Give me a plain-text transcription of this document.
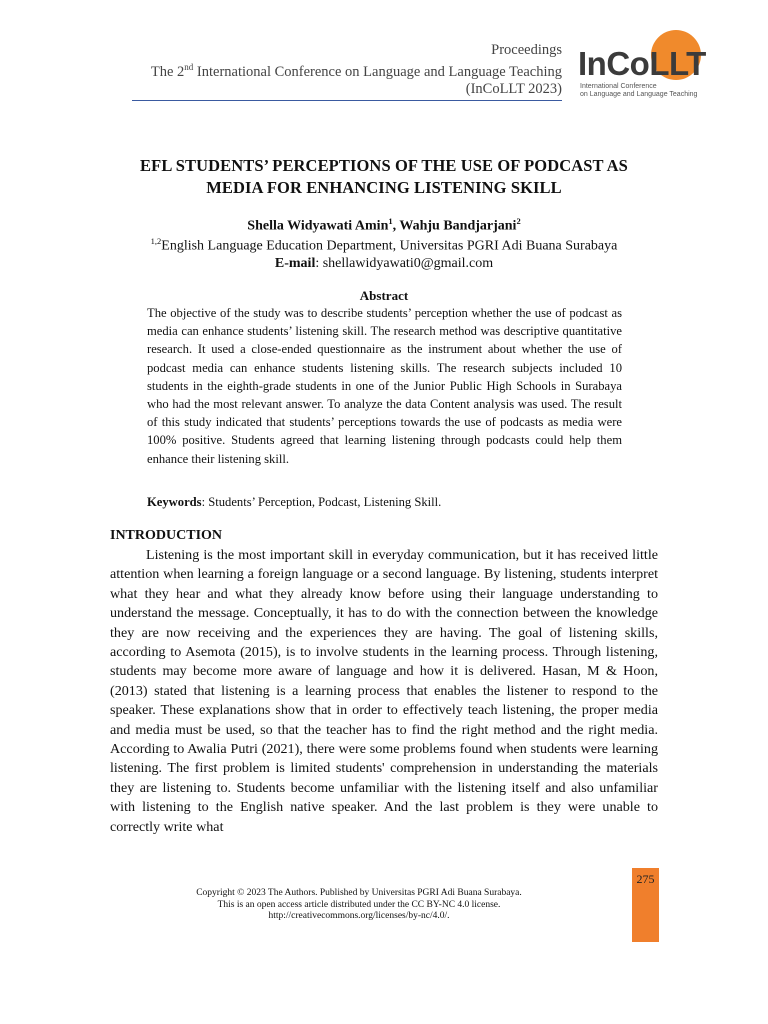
Proceedings
The 2nd International Conference on Language and Language Teaching
(InCoLLT 2023)
InCoLLT
International Conference
on Language and Language Teaching
EFL STUDENTS’ PERCEPTIONS OF THE USE OF PODCAST AS
MEDIA FOR ENHANCING LISTENING SKILL
Shella Widyawati Amin$^1$, Wahju Bandjarjani$^2$
$^{1,2}$English Language Education Department, Universitas PGRI Adi Buana Surabaya
E-mail: shellawidyawati0@gmail.com
Abstract
The objective of the study was to describe students’ perception whether the use of podcast as media can enhance students’ listening skill. The research method was descriptive quantitative research. It used a close-ended questionnaire as the instrument about whether the use of podcast media can enhance students listening skills. The research subjects included 10 students in the eighth-grade students in one of the Junior Public High Schools in Surabaya who had the most relevant answer. To analyze the data Content analysis was used. The result of this study indicated that students’ perceptions towards the use of podcasts as media were 100% positive. Students agreed that learning listening through podcasts could help them enhance their listening skill.
Keywords: Students’ Perception, Podcast, Listening Skill.
INTRODUCTION
Listening is the most important skill in everyday communication, but it has received little attention when learning a foreign language or a second language. By listening, students interpret what they hear and what they already know before using their language understanding to understand the message. Conceptually, it has to do with the connection between the knowledge they are now receiving and the experiences they are having. The goal of listening skills, according to Asemota (2015), is to involve students in the learning process. Through listening, students may become more aware of language and how it is delivered. Hasan, M & Hoon, (2013) stated that listening is a learning process that enables the listener to respond to the speaker. These explanations show that in order to effectively teach listening, the proper media and media must be used, so that the teacher has to find the right method and the right media. According to Awalia Putri (2021), there were some problems found when students were learning listening. The first problem is limited students' comprehension in understanding the materials they are listening to. Students become unfamiliar with the listening itself and also unfamiliar with listening to the English native speaker. And the last problem is they were unable to correctly write what
Copyright © 2023 The Authors. Published by Universitas PGRI Adi Buana Surabaya.
This is an open access article distributed under the CC BY-NC 4.0 license.
http://creativecommons.org/licenses/by-nc/4.0/.
275
